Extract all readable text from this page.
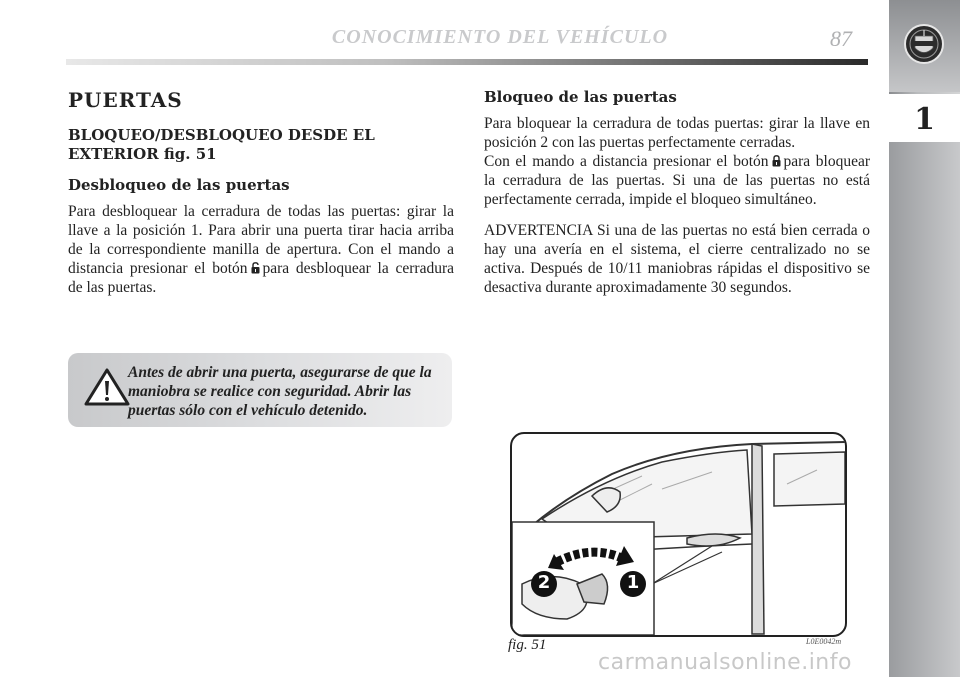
1
CONOCIMIENTO DEL VEHÍCULO	87
PUERTAS
BLOQUEO/DESBLOQUEO DESDE EL EXTERIOR fig. 51
Desbloqueo de las puertas

Para desbloquear la cerradura de todas las puertas: girar la llave a la posición 1. Para abrir una puerta tirar hacia arriba de la correspondiente manilla de apertura. Con el mando a distancia presionar el botón para desbloquear la cerradura de las puertas.

Antes de abrir una puerta, asegurarse de que la maniobra se realice con seguridad. Abrir las puertas sólo con el vehículo detenido.

Bloqueo de las puertas

Para bloquear la cerradura de todas puertas: girar la llave en posición 2 con las puertas perfectamente cerradas.
Con el mando a distancia presionar el botón para bloquear la cerradura de las puertas. Si una de las puertas no está perfectamente cerrada, impide el bloqueo simultáneo.

ADVERTENCIA Si una de las puertas no está bien cerrada o hay una avería en el sistema, el cierre centralizado no se activa. Después de 10/11 maniobras rápidas el dispositivo se desactiva durante aproximadamente 30 segundos.

2	1
fig. 51	L0E0042m
carmanualsonline.info
